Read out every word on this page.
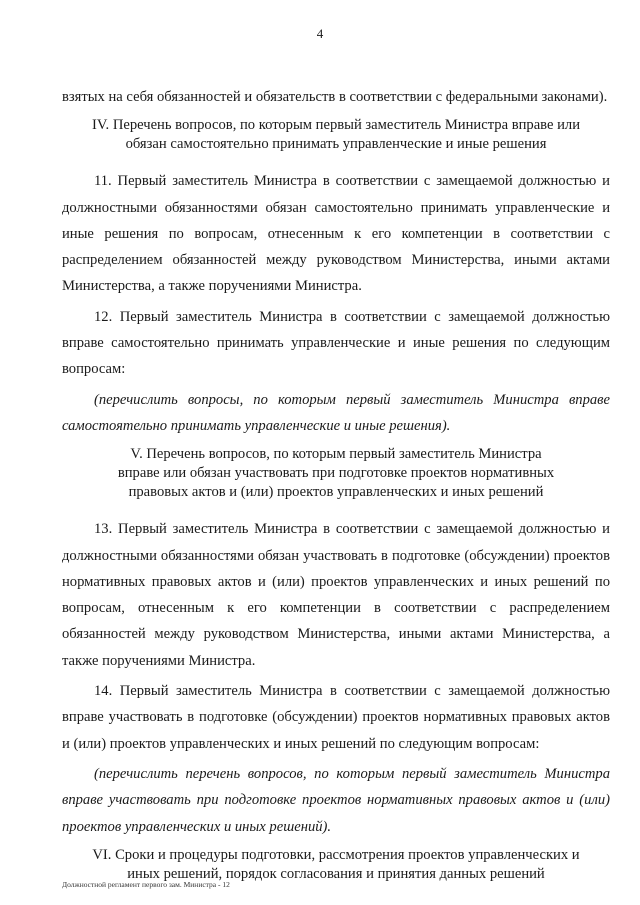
4

взятых на себя обязанностей и обязательств в соответствии с федеральными законами).

IV. Перечень вопросов, по которым первый заместитель Министра вправе или обязан самостоятельно принимать управленческие и иные решения

11. Первый заместитель Министра в соответствии с замещаемой должностью и должностными обязанностями обязан самостоятельно принимать управленческие и иные решения по вопросам, отнесенным к его компетенции в соответствии с распределением обязанностей между руководством Министерства, иными актами Министерства, а также поручениями Министра.

12. Первый заместитель Министра в соответствии с замещаемой должностью вправе самостоятельно принимать управленческие и иные решения по следующим вопросам:

(перечислить вопросы, по которым первый заместитель Министра вправе самостоятельно принимать управленческие и иные решения).

V. Перечень вопросов, по которым первый заместитель Министра вправе или обязан участвовать при подготовке проектов нормативных правовых актов и (или) проектов управленческих и иных решений

13. Первый заместитель Министра в соответствии с замещаемой должностью и должностными обязанностями обязан участвовать в подготовке (обсуждении) проектов нормативных правовых актов и (или) проектов управленческих и иных решений по вопросам, отнесенным к его компетенции в соответствии с распределением обязанностей между руководством Министерства, иными актами Министерства, а также поручениями Министра.

14. Первый заместитель Министра в соответствии с замещаемой должностью вправе участвовать в подготовке (обсуждении) проектов нормативных правовых актов и (или) проектов управленческих и иных решений по следующим вопросам:

(перечислить перечень вопросов, по которым первый заместитель Министра вправе участвовать при подготовке проектов нормативных правовых актов и (или) проектов управленческих и иных решений).

VI. Сроки и процедуры подготовки, рассмотрения проектов управленческих и иных решений, порядок согласования и принятия данных решений

Должностной регламент первого зам. Министра - 12
